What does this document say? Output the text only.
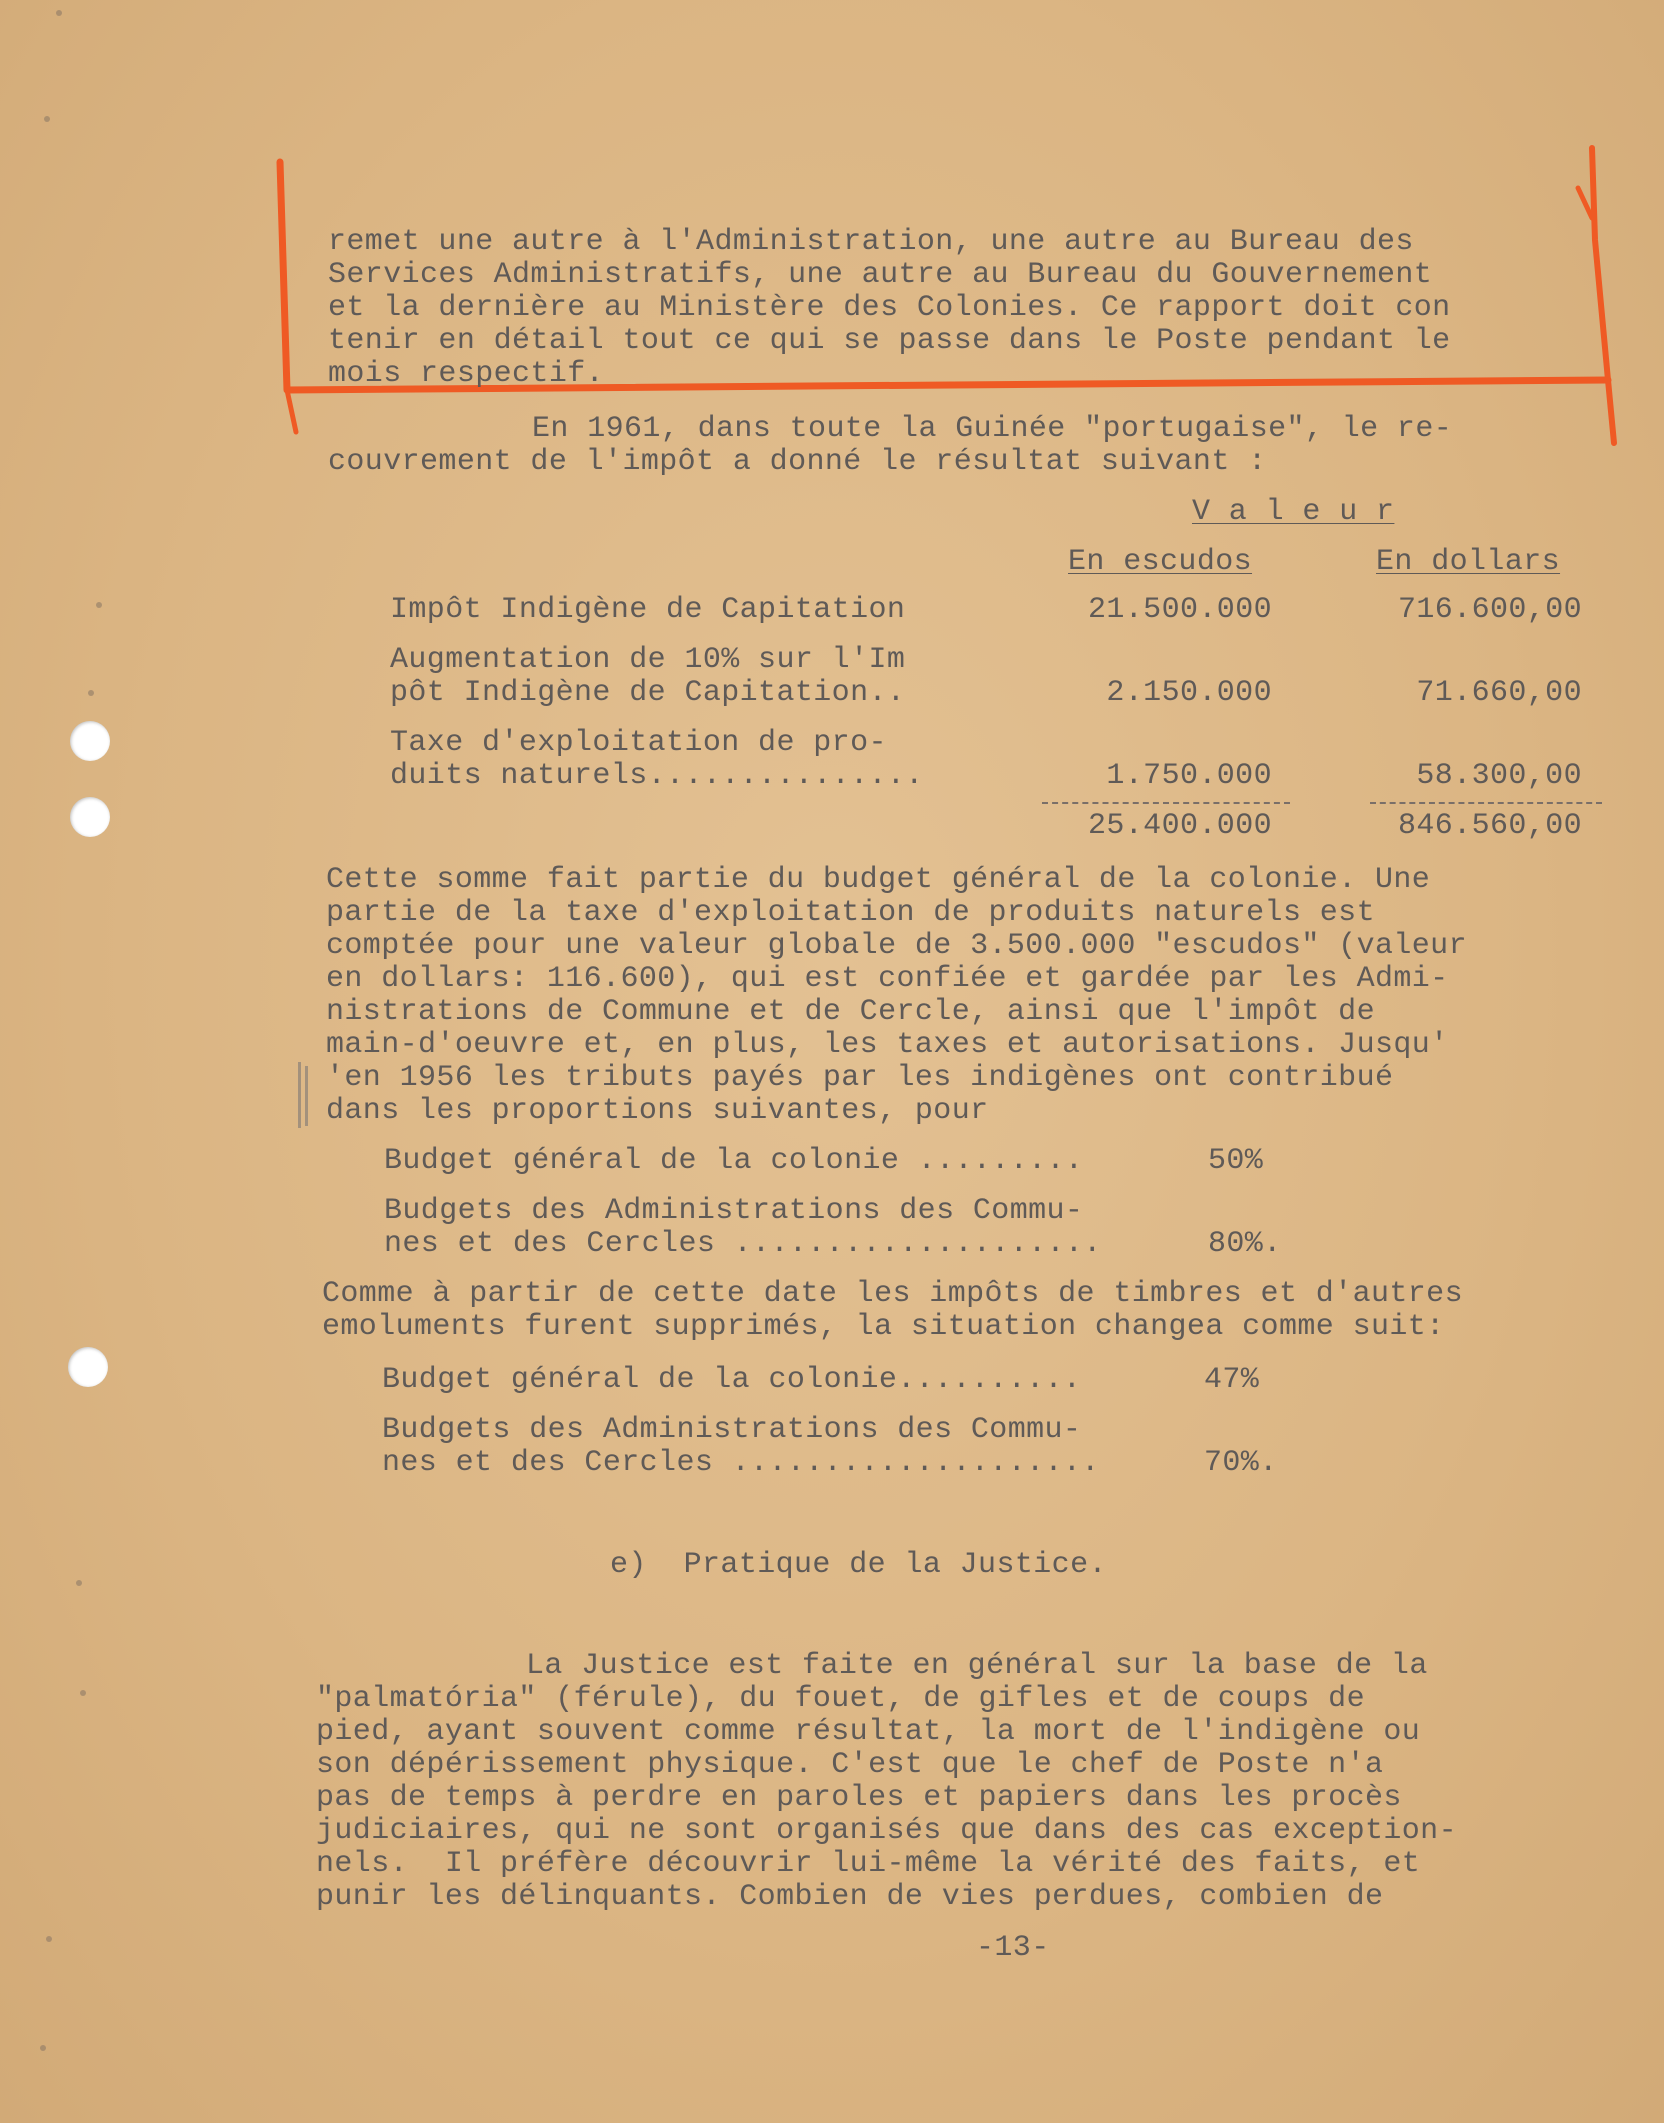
remet une autre à l'Administration, une autre au Bureau des
Services Administratifs, une autre au Bureau du Gouvernement
et la dernière au Ministère des Colonies. Ce rapport doit con
tenir en détail tout ce qui se passe dans le Poste pendant le
mois respectif.
En 1961, dans toute la Guinée "portugaise", le re-
couvrement de l'impôt a donné le résultat suivant :
V a l e u r
En escudos	En dollars
Impôt Indigène de Capitation	21.500.000	716.600,00
Augmentation de 10% sur l'Im
pôt Indigène de Capitation..	2.150.000	71.660,00
Taxe d'exploitation de pro-
duits naturels...............	1.750.000	58.300,00
25.400.000	846.560,00
Cette somme fait partie du budget général de la colonie. Une
partie de la taxe d'exploitation de produits naturels est
comptée pour une valeur globale de 3.500.000 "escudos" (valeur
en dollars: 116.600), qui est confiée et gardée par les Admi-
nistrations de Commune et de Cercle, ainsi que l'impôt de
main-d'oeuvre et, en plus, les taxes et autorisations. Jusqu'
'en 1956 les tributs payés par les indigènes ont contribué
dans les proportions suivantes, pour
Budget général de la colonie .........	50%
Budgets des Administrations des Commu-
nes et des Cercles ....................	80%.
Comme à partir de cette date les impôts de timbres et d'autres
emoluments furent supprimés, la situation changea comme suit:
Budget général de la colonie..........	47%
Budgets des Administrations des Commu-
nes et des Cercles ....................	70%.
e)  Pratique de la Justice.
La Justice est faite en général sur la base de la
"palmatória" (férule), du fouet, de gifles et de coups de
pied, ayant souvent comme résultat, la mort de l'indigène ou
son dépérissement physique. C'est que le chef de Poste n'a
pas de temps à perdre en paroles et papiers dans les procès
judiciaires, qui ne sont organisés que dans des cas exception-
nels.  Il préfère découvrir lui-même la vérité des faits, et
punir les délinquants. Combien de vies perdues, combien de
-13-
